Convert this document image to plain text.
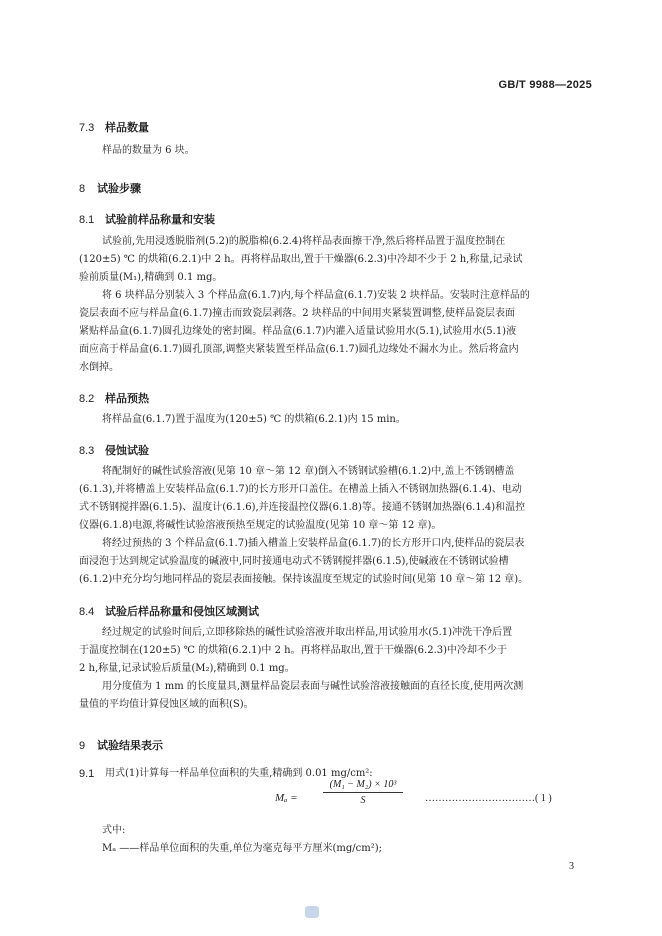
GB/T 9988—2025
7.3 样品数量
样品的数量为 6 块。
8 试验步骤
8.1 试验前样品称量和安装
试验前,先用浸透脱脂剂(5.2)的脱脂棉(6.2.4)将样品表面擦干净,然后将样品置于温度控制在
(120±5) ℃ 的烘箱(6.2.1)中 2 h。再将样品取出,置于干燥器(6.2.3)中冷却不少于 2 h,称量,记录试
验前质量(M₁),精确到 0.1 mg。
将 6 块样品分别装入 3 个样品盒(6.1.7)内,每个样品盒(6.1.7)安装 2 块样品。安装时注意样品的
瓷层表面不应与样品盒(6.1.7)撞击而致瓷层剥落。2 块样品的中间用夹紧装置调整,使样品瓷层表面
紧贴样品盒(6.1.7)圆孔边缘处的密封圈。样品盒(6.1.7)内灌入适量试验用水(5.1),试验用水(5.1)液
面应高于样品盒(6.1.7)圆孔顶部,调整夹紧装置至样品盒(6.1.7)圆孔边缘处不漏水为止。然后将盒内
水倒掉。
8.2 样品预热
将样品盒(6.1.7)置于温度为(120±5) ℃ 的烘箱(6.2.1)内 15 min。
8.3 侵蚀试验
将配制好的碱性试验溶液(见第 10 章～第 12 章)倒入不锈钢试验槽(6.1.2)中,盖上不锈钢槽盖
(6.1.3),并将槽盖上安装样品盒(6.1.7)的长方形开口盖住。在槽盖上插入不锈钢加热器(6.1.4)、电动
式不锈钢搅拌器(6.1.5)、温度计(6.1.6),并连接温控仪器(6.1.8)等。接通不锈钢加热器(6.1.4)和温控
仪器(6.1.8)电源,将碱性试验溶液预热至规定的试验温度(见第 10 章～第 12 章)。
将经过预热的 3 个样品盒(6.1.7)插入槽盖上安装样品盒(6.1.7)的长方形开口内,使样品的瓷层表
面浸泡于达到规定试验温度的碱液中,同时接通电动式不锈钢搅拌器(6.1.5),使碱液在不锈钢试验槽
(6.1.2)中充分均匀地同样品的瓷层表面接触。保持该温度至规定的试验时间(见第 10 章～第 12 章)。
8.4 试验后样品称量和侵蚀区域测试
经过规定的试验时间后,立即移除热的碱性试验溶液并取出样品,用试验用水(5.1)冲洗干净后置
于温度控制在(120±5) ℃ 的烘箱(6.2.1)中 2 h。再将样品取出,置于干燥器(6.2.3)中冷却不少于
2 h,称量,记录试验后质量(M₂),精确到 0.1 mg。
用分度值为 1 mm 的长度量具,测量样品瓷层表面与碱性试验溶液接触面的直径长度,使用两次测
量值的平均值计算侵蚀区域的面积(S)。
9 试验结果表示
9.1 用式(1)计算每一样品单位面积的失重,精确到 0.01 mg/cm²:
Mₐ =
(M₁ − M₂) × 10³
S	……………………………( 1 )
式中:
Mₐ ——样品单位面积的失重,单位为毫克每平方厘米(mg/cm²);
3
